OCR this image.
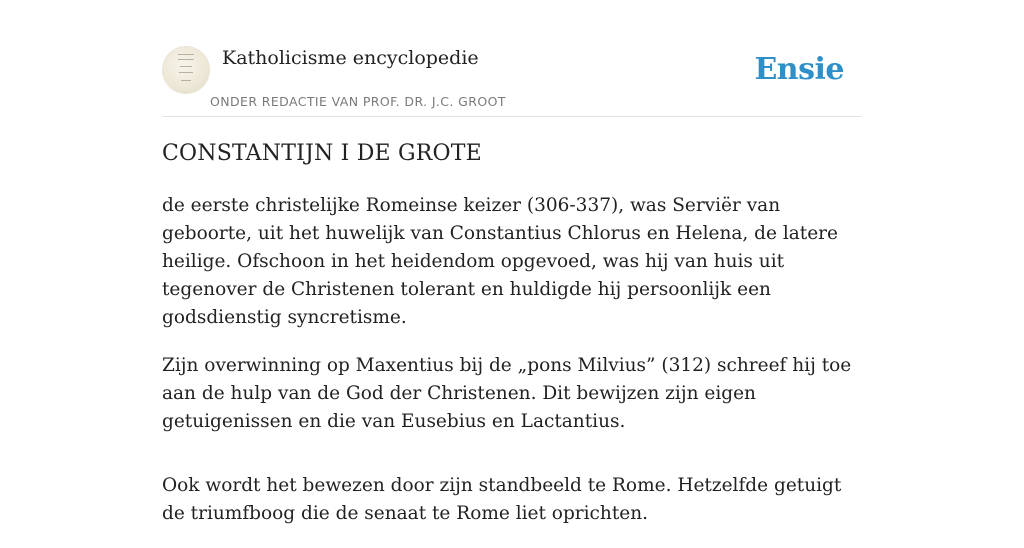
Katholicisme encyclopedie
ONDER REDACTIE VAN PROF. DR. J.C. GROOT
Ensie
CONSTANTIJN I DE GROTE

de eerste christelijke Romeinse keizer (306-337), was Serviër van geboorte, uit het huwelijk van Constantius Chlorus en Helena, de latere heilige. Ofschoon in het heidendom opgevoed, was hij van huis uit tegenover de Christenen tolerant en huldigde hij persoonlijk een godsdienstig syncretisme.

Zijn overwinning op Maxentius bij de „pons Milvius” (312) schreef hij toe aan de hulp van de God der Christenen. Dit bewijzen zijn eigen getuigenissen en die van Eusebius en Lactantius.

Ook wordt het bewezen door zijn standbeeld te Rome. Hetzelfde getuigt de triumfboog die de senaat te Rome liet oprichten.
